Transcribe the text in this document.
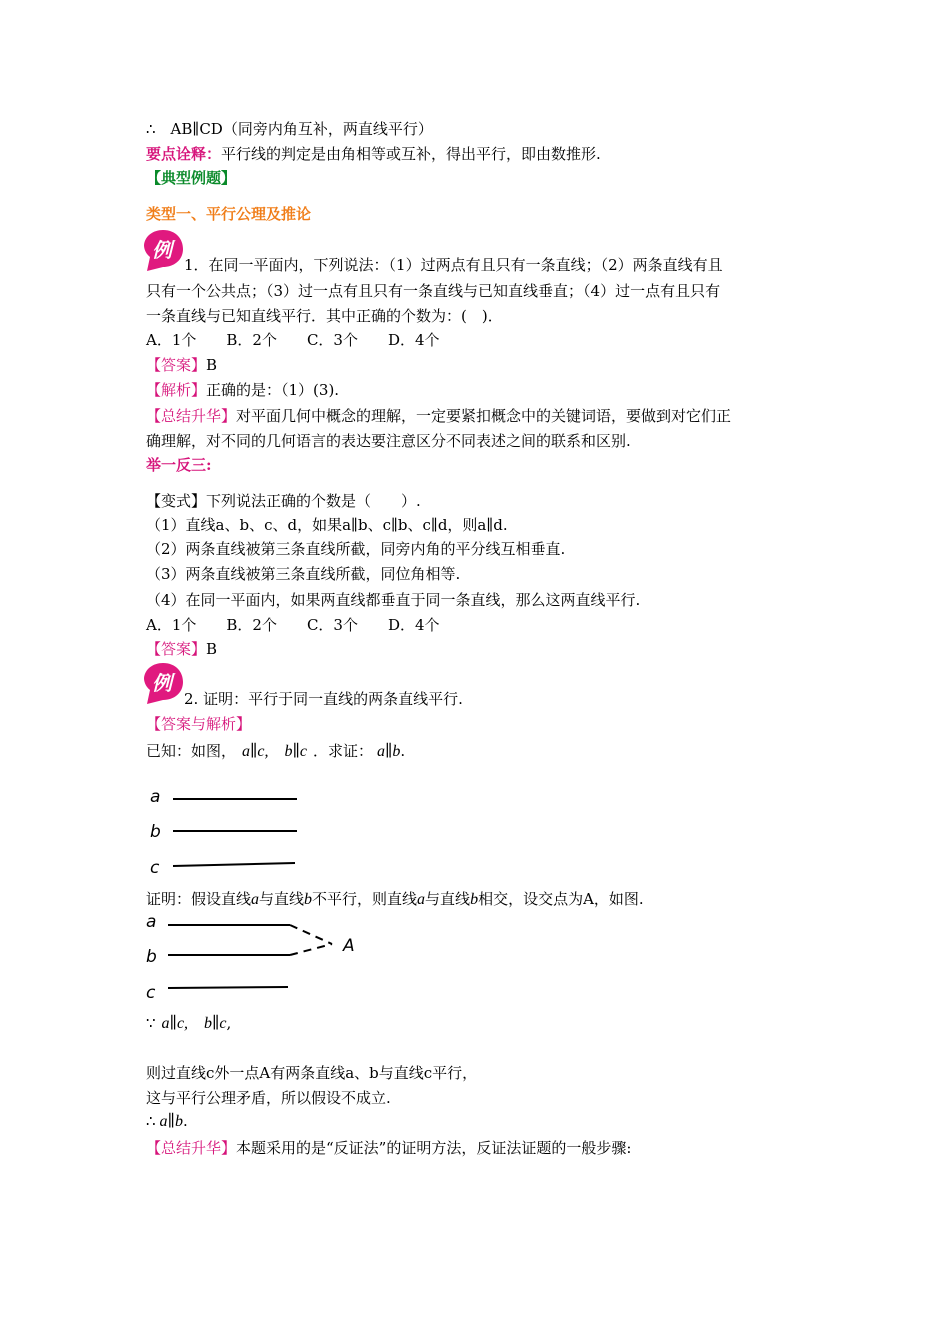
∴　AB∥CD（同旁内角互补，两直线平行）
要点诠释：平行线的判定是由角相等或互补，得出平行，即由数推形.
【典型例题】
类型一、平行公理及推论
例
1．在同一平面内，下列说法：（1）过两点有且只有一条直线；（2）两条直线有且
只有一个公共点；（3）过一点有且只有一条直线与已知直线垂直；（4）过一点有且只有
一条直线与已知直线平行．其中正确的个数为：(　)．
A．1个　　B．2个　　C．3个　　D．4个
【答案】B
【解析】正确的是：（1）(3).
【总结升华】对平面几何中概念的理解，一定要紧扣概念中的关键词语，要做到对它们正
确理解，对不同的几何语言的表达要注意区分不同表述之间的联系和区别.
举一反三:
【变式】下列说法正确的个数是（　　）.
（1）直线a、b、c、d，如果a∥b、c∥b、c∥d，则a∥d.
（2）两条直线被第三条直线所截，同旁内角的平分线互相垂直.
（3）两条直线被第三条直线所截，同位角相等.
（4）在同一平面内，如果两直线都垂直于同一条直线，那么这两直线平行.
A．1个　　B．2个　　C．3个　　D．4个
【答案】B
例
2. 证明：平行于同一直线的两条直线平行.
【答案与解析】
已知：如图， a∥c,　b∥c ．求证： a∥b.
a
b
c
证明：假设直线a与直线b不平行，则直线a与直线b相交，设交点为A，如图.
a
b
A
c
∵ a∥c,　b∥c,
则过直线c外一点A有两条直线a、b与直线c平行，
这与平行公理矛盾，所以假设不成立.
∴ a∥b.
【总结升华】本题采用的是“反证法”的证明方法，反证法证题的一般步骤:
